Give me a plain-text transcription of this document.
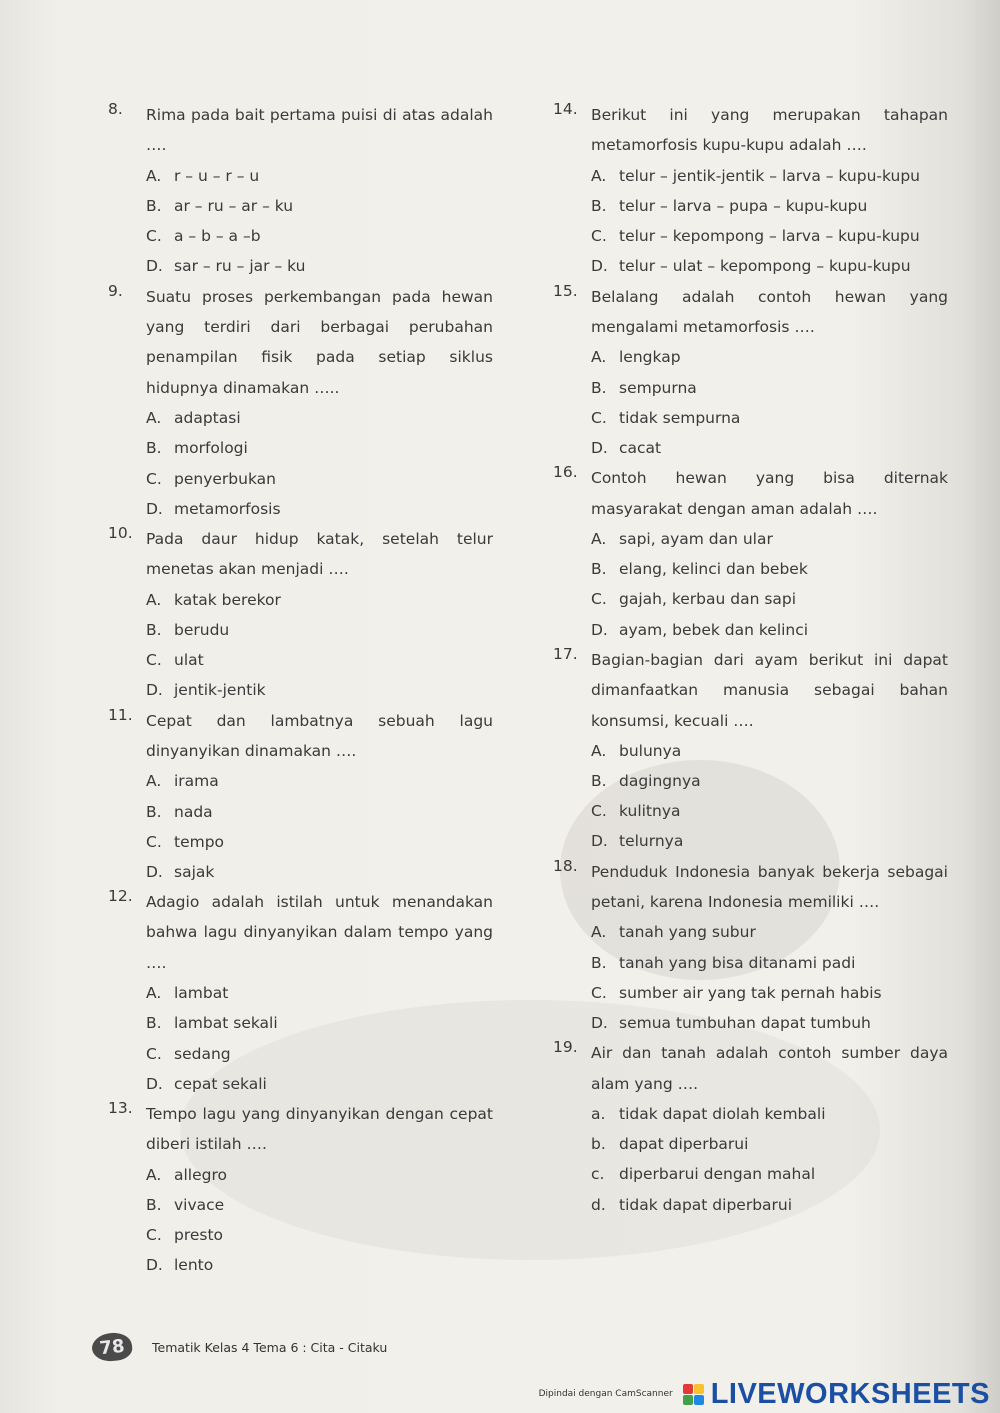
8.	Rima pada bait pertama puisi di atas adalah ….
A. r – u – r – u
B. ar – ru – ar – ku
C. a – b – a –b
D. sar – ru – jar – ku
9.	Suatu proses perkembangan pada hewan yang terdiri dari berbagai perubahan penampilan fisik pada setiap siklus hidupnya dinamakan …..
A. adaptasi
B. morfologi
C. penyerbukan
D. metamorfosis
10. Pada daur hidup katak, setelah telur menetas akan menjadi ….
A. katak berekor
B. berudu
C. ulat
D. jentik-jentik
11. Cepat dan lambatnya sebuah lagu dinyanyikan dinamakan ….
A. irama
B. nada
C. tempo
D. sajak
12. Adagio adalah istilah untuk menandakan bahwa lagu dinyanyikan dalam tempo yang ….
A. lambat
B. lambat sekali
C. sedang
D. cepat sekali
13. Tempo lagu yang dinyanyikan dengan cepat diberi istilah ….
A. allegro
B. vivace
C. presto
D. lento
14. Berikut ini yang merupakan tahapan metamorfosis kupu-kupu adalah ….
A. telur – jentik-jentik – larva – kupu-kupu
B. telur – larva – pupa – kupu-kupu
C. telur – kepompong – larva – kupu-kupu
D. telur – ulat – kepompong – kupu-kupu
15. Belalang adalah contoh hewan yang mengalami metamorfosis ….
A. lengkap
B. sempurna
C. tidak sempurna
D. cacat
16. Contoh hewan yang bisa diternak masyarakat dengan aman adalah ….
A. sapi, ayam dan ular
B. elang, kelinci dan bebek
C. gajah, kerbau dan sapi
D. ayam, bebek dan kelinci
17. Bagian-bagian dari ayam berikut ini dapat dimanfaatkan manusia sebagai bahan konsumsi, kecuali ….
A. bulunya
B. dagingnya
C. kulitnya
D. telurnya
18. Penduduk Indonesia banyak bekerja sebagai petani, karena Indonesia memiliki ….
A. tanah yang subur
B. tanah yang bisa ditanami padi
C. sumber air yang tak pernah habis
D. semua tumbuhan dapat tumbuh
19. Air dan tanah adalah contoh sumber daya alam yang ….
a. tidak dapat diolah kembali
b. dapat diperbarui
c. diperbarui dengan mahal
d. tidak dapat diperbarui
78	Tematik Kelas 4 Tema 6 : Cita - Citaku
Dipindai dengan CamScanner LIVEWORKSHEETS
